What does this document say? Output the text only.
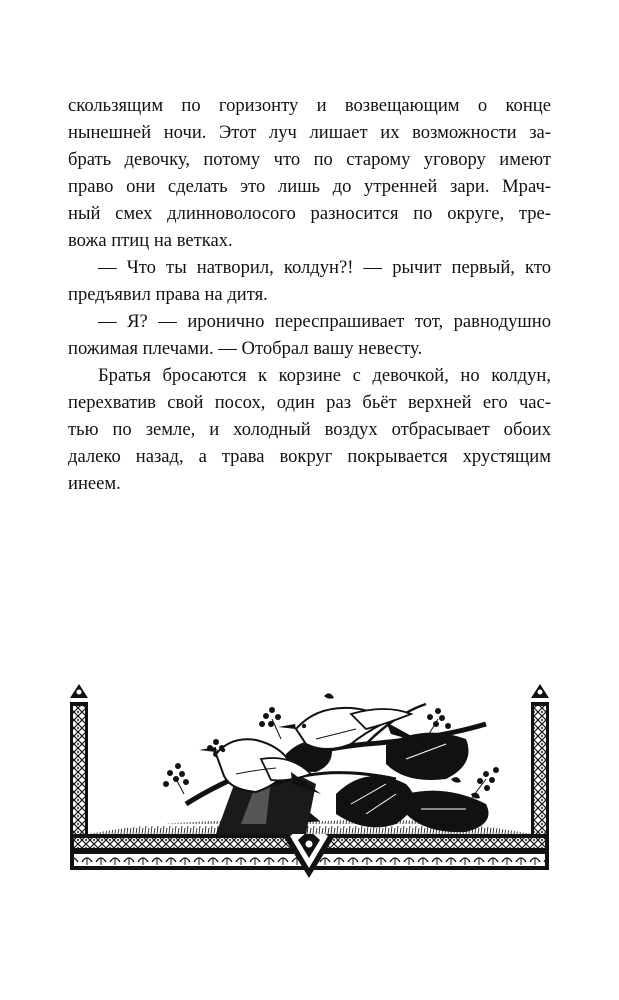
скользящим по горизонту и возвещающим о конце
нынешней ночи. Этот луч лишает их возможности за-
брать девочку, потому что по старому уговору имеют
право они сделать это лишь до утренней зари. Мрач-
ный смех длинноволосого разносится по округе, тре-
вожа птиц на ветках.
— Что ты натворил, колдун?! — рычит первый, кто
предъявил права на дитя.
— Я? — иронично переспрашивает тот, равнодушно
пожимая плечами. — Отобрал вашу невесту.
Братья бросаются к корзине с девочкой, но колдун,
перехватив свой посох, один раз бьёт верхней его час-
тью по земле, и холодный воздух отбрасывает обоих
далеко назад, а трава вокруг покрывается хрустящим
инеем.
